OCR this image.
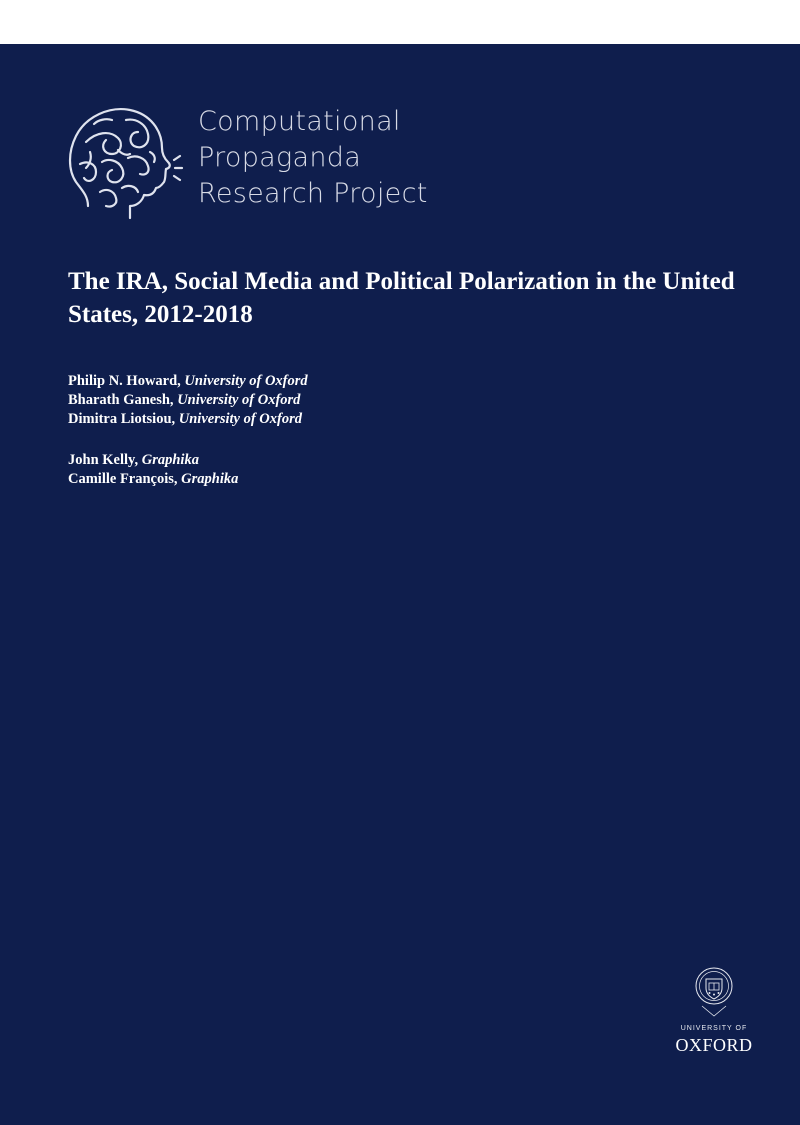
Computational
Propaganda
Research Project
The IRA, Social Media and Political Polarization in the United States, 2012-2018
Philip N. Howard, University of Oxford
Bharath Ganesh, University of Oxford
Dimitra Liotsiou, University of Oxford
John Kelly, Graphika
Camille François, Graphika
UNIVERSITY OF
OXFORD
